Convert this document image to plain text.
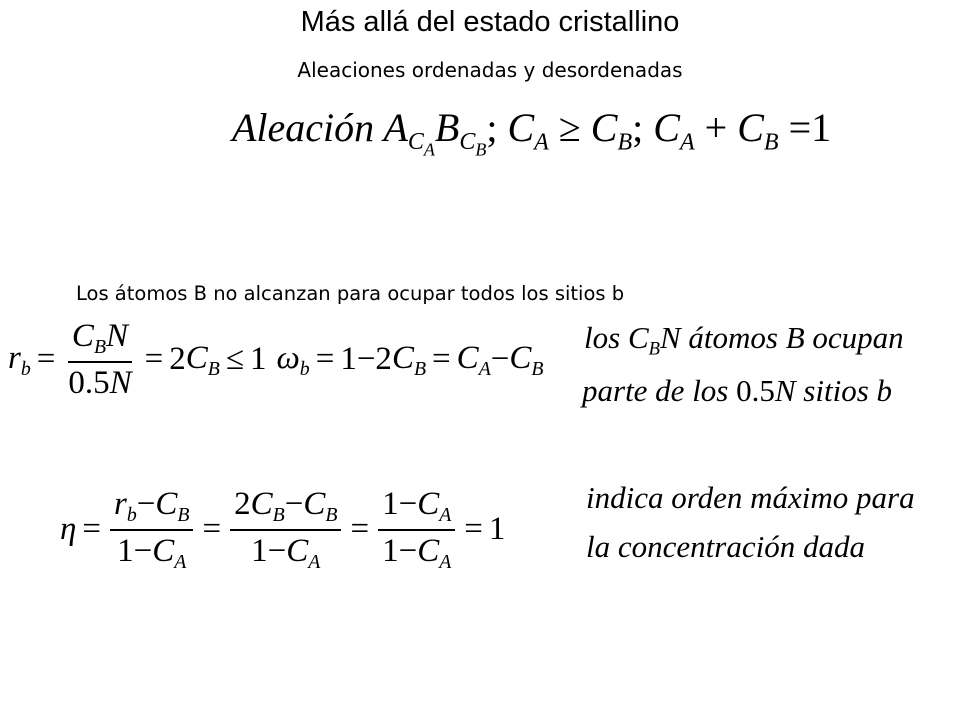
Más allá del estado cristallino
Aleaciones ordenadas y desordenadas
Aleación $A_{C_A}B_{C_B}$; $C_A \ge C_B$; $C_A + C_B =1$
Los átomos B no alcanzan para ocupar todos los sitios b
$r_b = \frac{C_BN}{0.5N} = 2$ $C_B \le 1$ $\omega_b = 1-2$ $C_B = C_A - C_B$
los $C_BN$ átomos B ocupan
parte de los 0.5N sitios b
$\eta = \frac{r_b-C_B}{1-C_A} = \frac{2C_B-C_B}{1-C_A} = \frac{1-C_A}{1-C_A} = 1$
indica orden máximo para
la concentración dada
